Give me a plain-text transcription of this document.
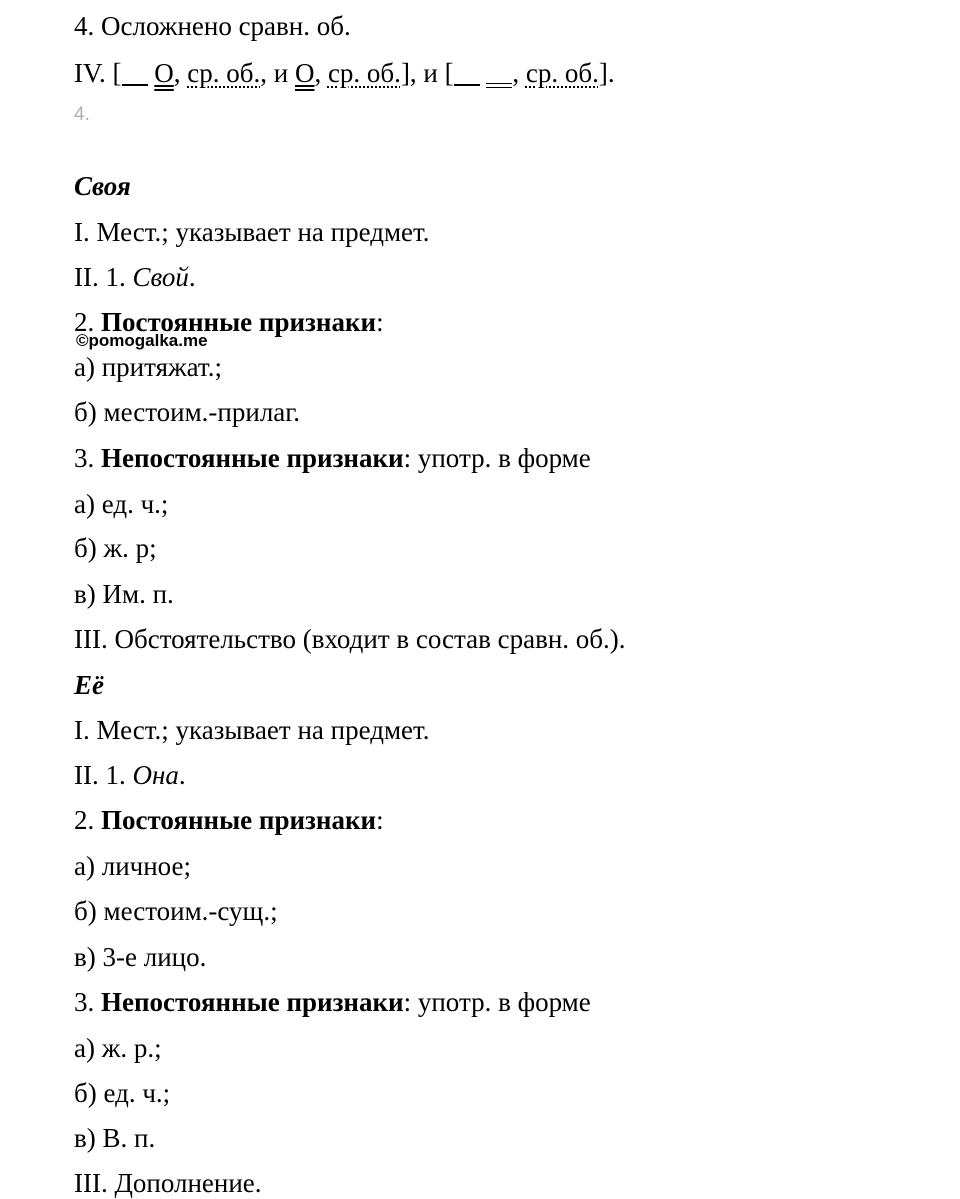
4. Осложнено сравн. об.
IV. [ О, ср. об., и О, ср. об.], и [ , ср. об.].
4.
Своя
I. Мест.; указывает на предмет.
II. 1. Свой.
2. Постоянные признаки:
©pomogalka.me
а) притяжат.;
б) местоим.-прилаг.
3. Непостоянные признаки: употр. в форме
а) ед. ч.;
б) ж. р;
в) Им. п.
III. Обстоятельство (входит в состав сравн. об.).
Её
I. Мест.; указывает на предмет.
II. 1. Она.
2. Постоянные признаки:
а) личное;
б) местоим.-сущ.;
в) 3-е лицо.
3. Непостоянные признаки: употр. в форме
а) ж. р.;
б) ед. ч.;
в) В. п.
III. Дополнение.
